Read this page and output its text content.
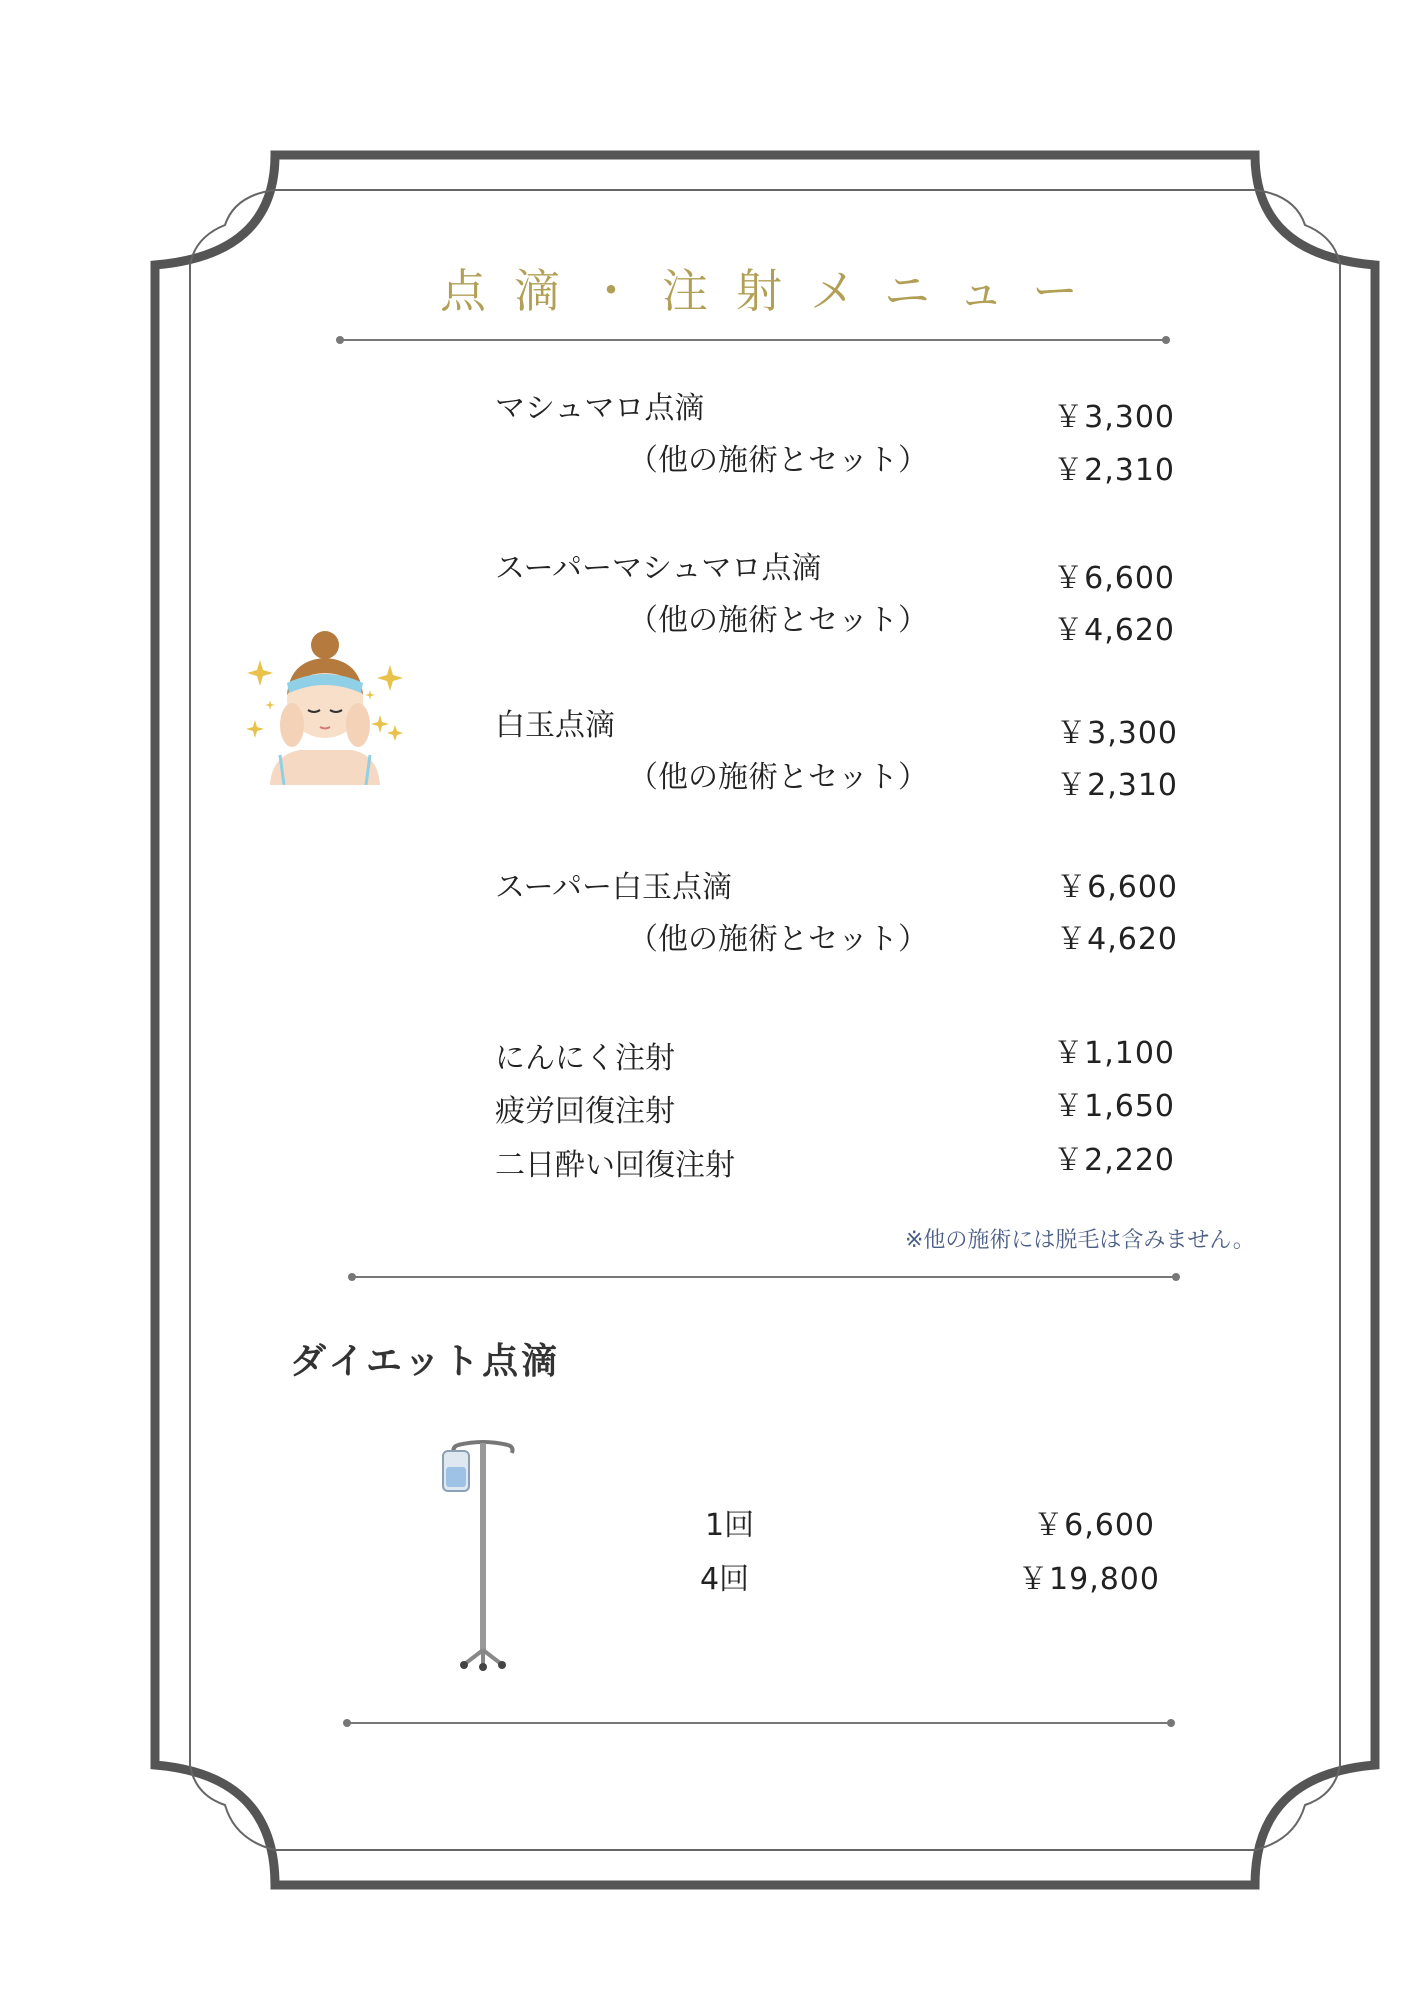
点滴・注射メニュー
マシュマロ点滴	￥3,300
（他の施術とセット）	￥2,310
スーパーマシュマロ点滴	￥6,600
（他の施術とセット）	￥4,620
白玉点滴	￥3,300
（他の施術とセット）	￥2,310
スーパー白玉点滴	￥6,600
（他の施術とセット）	￥4,620
にんにく注射	￥1,100
疲労回復注射	￥1,650
二日酔い回復注射	￥2,220
※他の施術には脱毛は含みません。
ダイエット点滴
1回	￥6,600
4回	￥19,800
